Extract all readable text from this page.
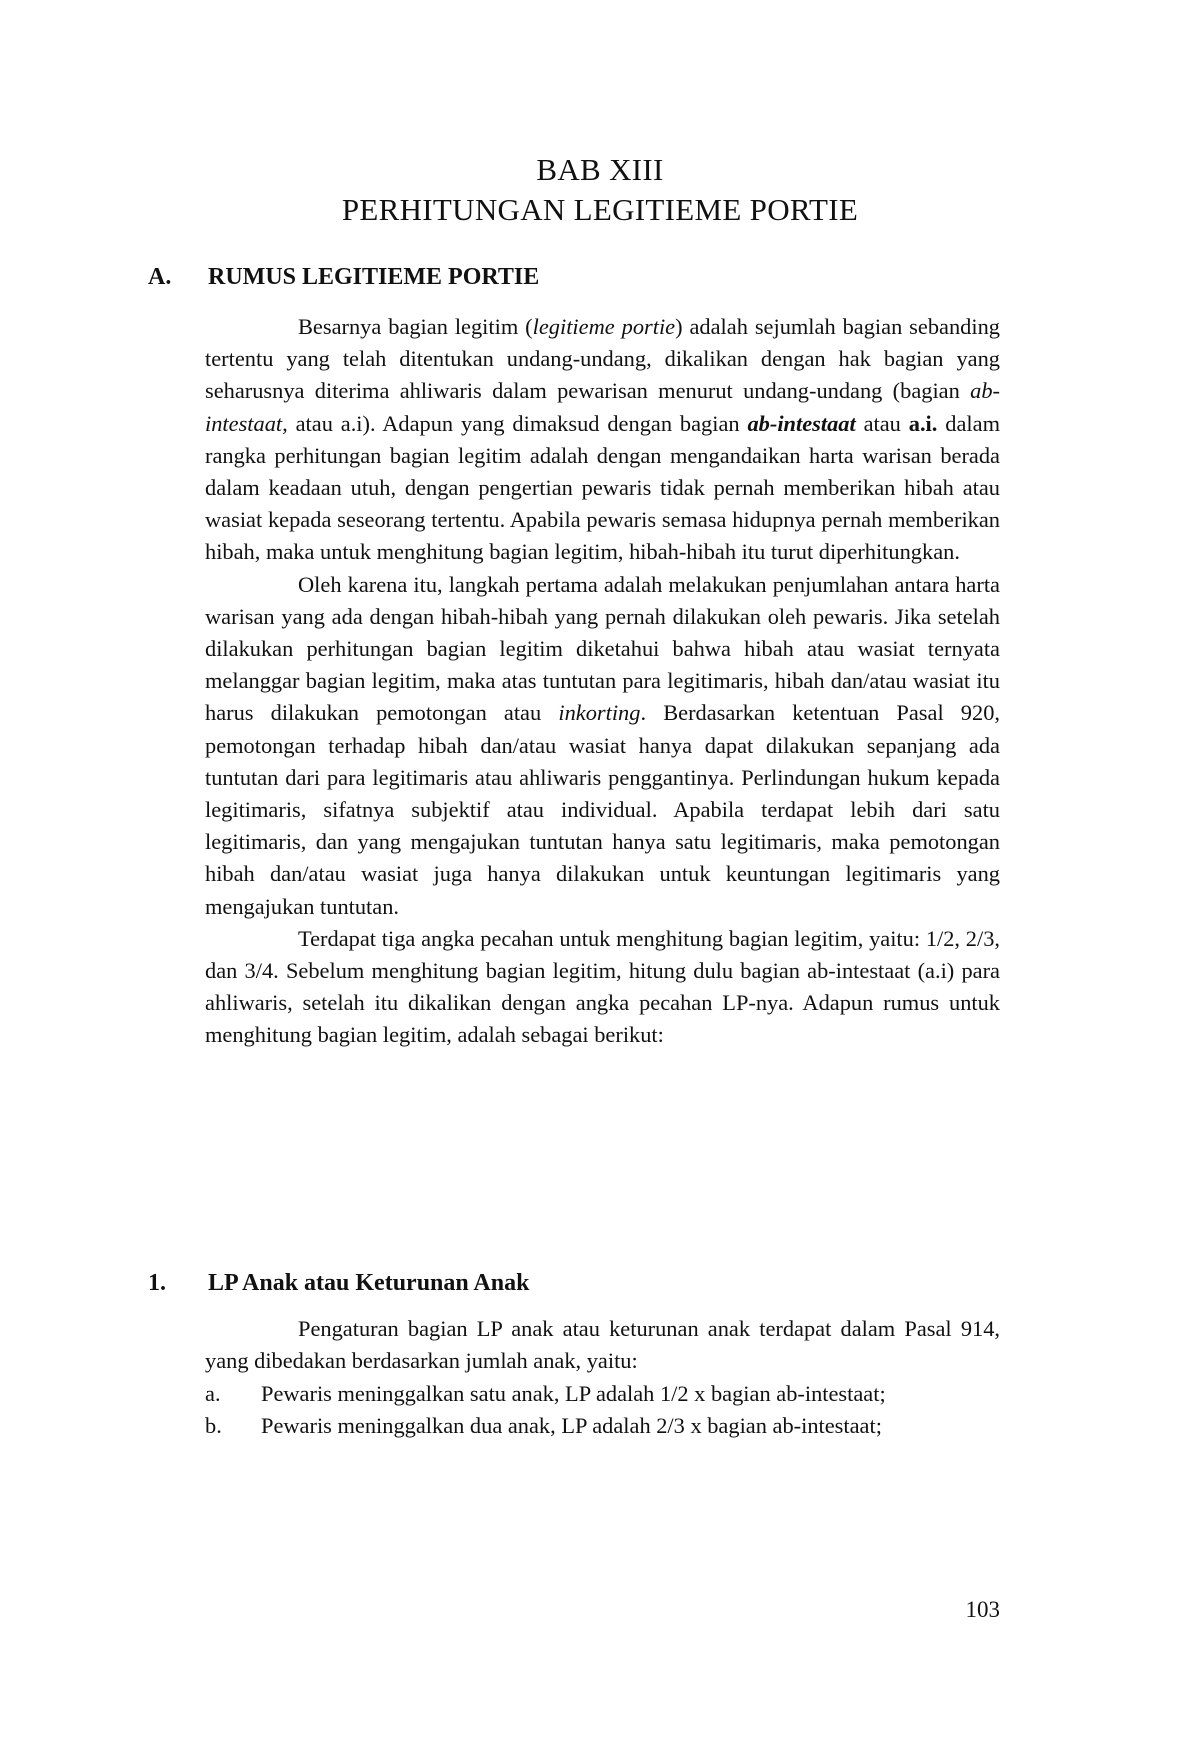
BAB XIII
PERHITUNGAN LEGITIEME PORTIE
A. RUMUS LEGITIEME PORTIE

Besarnya bagian legitim (legitieme portie) adalah sejumlah bagian sebanding tertentu yang telah ditentukan undang-undang, dikalikan dengan hak bagian yang seharusnya diterima ahliwaris dalam pewarisan menurut undang-undang (bagian ab-intestaat, atau a.i). Adapun yang dimaksud dengan bagian ab-intestaat atau a.i. dalam rangka perhitungan bagian legitim adalah dengan mengandaikan harta warisan berada dalam keadaan utuh, dengan pengertian pewaris tidak pernah memberikan hibah atau wasiat kepada seseorang tertentu. Apabila pewaris semasa hidupnya pernah memberikan hibah, maka untuk menghitung bagian legitim, hibah-hibah itu turut diperhitungkan.

Oleh karena itu, langkah pertama adalah melakukan penjumlahan antara harta warisan yang ada dengan hibah-hibah yang pernah dilakukan oleh pewaris. Jika setelah dilakukan perhitungan bagian legitim diketahui bahwa hibah atau wasiat ternyata melanggar bagian legitim, maka atas tuntutan para legitimaris, hibah dan/atau wasiat itu harus dilakukan pemotongan atau inkorting. Berdasarkan ketentuan Pasal 920, pemotongan terhadap hibah dan/atau wasiat hanya dapat dilakukan sepanjang ada tuntutan dari para legitimaris atau ahliwaris penggantinya. Perlindungan hukum kepada legitimaris, sifatnya subjektif atau individual. Apabila terdapat lebih dari satu legitimaris, dan yang mengajukan tuntutan hanya satu legitimaris, maka pemotongan hibah dan/atau wasiat juga hanya dilakukan untuk keuntungan legitimaris yang mengajukan tuntutan.

Terdapat tiga angka pecahan untuk menghitung bagian legitim, yaitu: 1/2, 2/3, dan 3/4. Sebelum menghitung bagian legitim, hitung dulu bagian ab-intestaat (a.i) para ahliwaris, setelah itu dikalikan dengan angka pecahan LP-nya. Adapun rumus untuk menghitung bagian legitim, adalah sebagai berikut:

1. LP Anak atau Keturunan Anak

Pengaturan bagian LP anak atau keturunan anak terdapat dalam Pasal 914, yang dibedakan berdasarkan jumlah anak, yaitu:

a. Pewaris meninggalkan satu anak, LP adalah 1/2 x bagian ab-intestaat;
b. Pewaris meninggalkan dua anak, LP adalah 2/3 x bagian ab-intestaat;
103
